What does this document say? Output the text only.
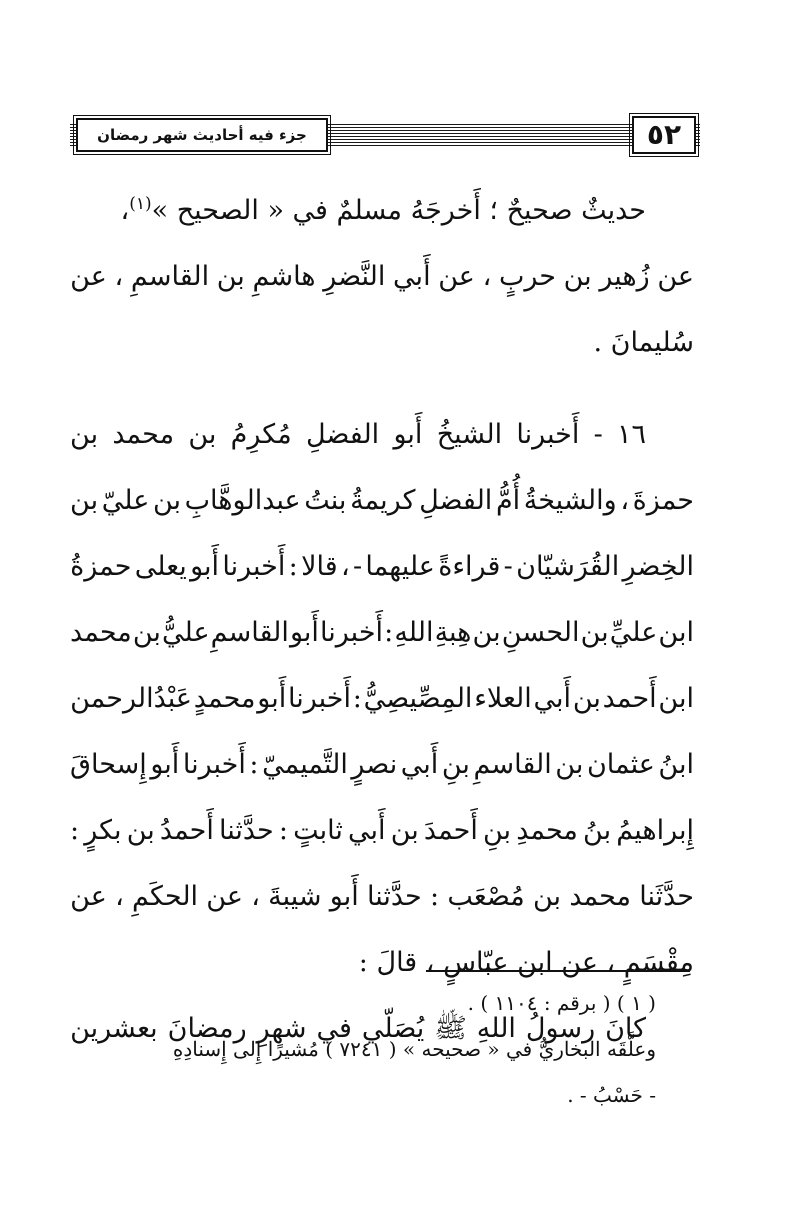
جزء فيه أحاديث شهر رمضان	٥٢
حديثٌ صحيحٌ ؛ أَخرجَهُ مسلمٌ في « الصحيح »$^{(١)}$،
عن
زُهير
بن
حربٍ
،
عن
أَبي
النَّضرِ
هاشمِ
بن
القاسمِ
،
عن
سُليمانَ .
١٦
-
أَخبرنا
الشيخُ
أَبو
الفضلِ
مُكرِمُ
بن
محمد
بن
حمزةَ
،
والشيخةُ
أُمُّ
الفضلِ
كريمةُ
بنتُ
عبدالوهَّابِ
بن
عليّ
بن
الخِضرِ
القُرَشيّان
-
قراءةً
عليهما
-
،
قالا
:
أَخبرنا
أَبو
يعلى
حمزةُ
ابن
عليِّ
بن
الحسنِ
بن
هِبةِ
اللهِ
:
أَخبرنا
أَبو
القاسمِ
عليُّ
بن
محمد
ابن
أَحمد
بن
أَبي
العلاء
المِصِّيصِيُّ
:
أَخبرنا
أَبو
محمدٍ
عَبْدُالرحمن
ابنُ
عثمان
بن
القاسمِ
بنِ
أَبي
نصرٍ
التَّميميّ
:
أَخبرنا
أَبو
إِسحاقَ
إِبراهيمُ
بنُ
محمدِ
بنِ
أَحمدَ
بن
أَبي
ثابتٍ
:
حدَّثنا
أَحمدُ
بن
بكرٍ
:
حدَّثَنا
محمد
بن
مُصْعَب
:
حدَّثنا
أَبو
شيبةَ
،
عن
الحكَمِ
،
عن
مِقْسَمٍ ، عن ابن عبّاسٍ ، قالَ :
كانَ
رسولُ
اللهِ
ﷺ
يُصَلّي
في
شهرِ
رمضانَ
بعشرين
( ١ ) ( برقم : ١١٠٤ ) .
وعلَّقَه البخاريُّ في « صحيحه » ( ٧٢٤١ ) مُشيرًا إِلى إِسنادِهِ
- حَسْبُ - .
